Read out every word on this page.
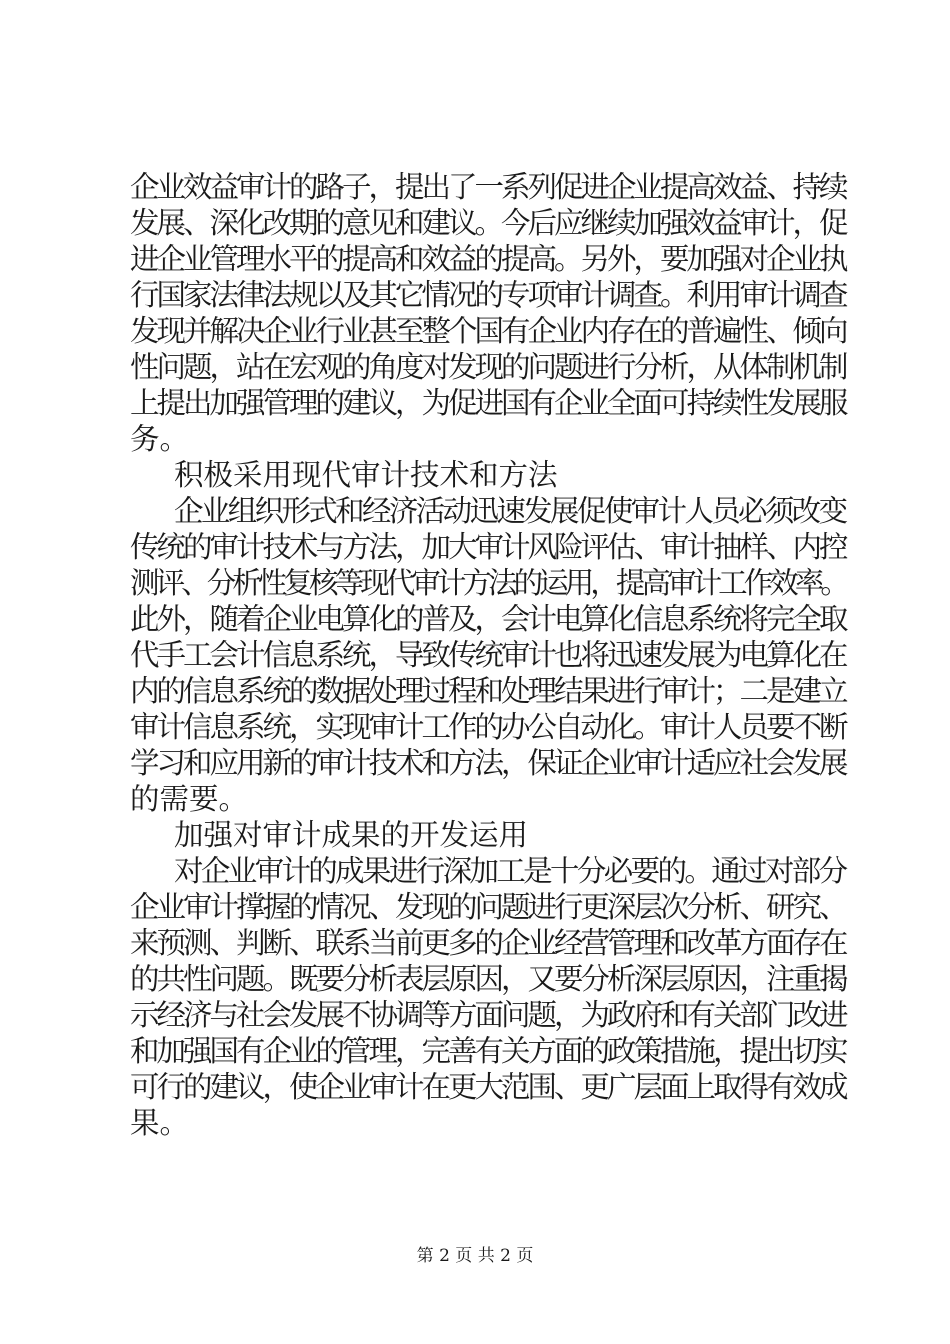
企业效益审计的路子，提出了一系列促进企业提高效益、持续
发展、深化改期的意见和建议。今后应继续加强效益审计，促
进企业管理水平的提高和效益的提高。另外，要加强对企业执
行国家法律法规以及其它情况的专项审计调查。利用审计调查
发现并解决企业行业甚至整个国有企业内存在的普遍性、倾向
性问题，站在宏观的角度对发现的问题进行分析，从体制机制
上提出加强管理的建议，为促进国有企业全面可持续性发展服
务。
积极采用现代审计技术和方法
企业组织形式和经济活动迅速发展促使审计人员必须改变
传统的审计技术与方法，加大审计风险评估、审计抽样、内控
测评、分析性复核等现代审计方法的运用，提高审计工作效率。
此外，随着企业电算化的普及，会计电算化信息系统将完全取
代手工会计信息系统，导致传统审计也将迅速发展为电算化在
内的信息系统的数据处理过程和处理结果进行审计；二是建立
审计信息系统，实现审计工作的办公自动化。审计人员要不断
学习和应用新的审计技术和方法，保证企业审计适应社会发展
的需要。
加强对审计成果的开发运用
对企业审计的成果进行深加工是十分必要的。通过对部分
企业审计撑握的情况、发现的问题进行更深层次分析、研究、
来预测、判断、联系当前更多的企业经营管理和改革方面存在
的共性问题。既要分析表层原因，又要分析深层原因，注重揭
示经济与社会发展不协调等方面问题，为政府和有关部门改进
和加强国有企业的管理，完善有关方面的政策措施，提出切实
可行的建议，使企业审计在更大范围、更广层面上取得有效成
果。
第 2 页 共 2 页
